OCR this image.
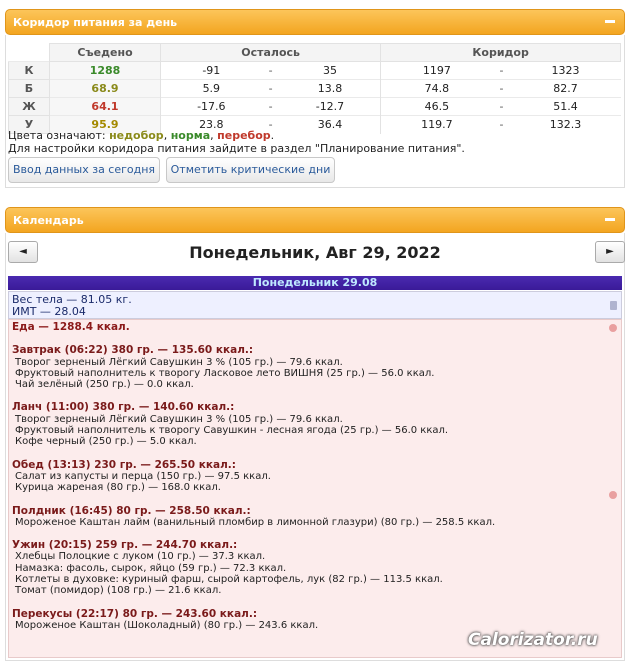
Коридор питания за день
	Съедено	Осталось			Коридор		
К	1288	-91	-	35	1197	-	1323
Б	68.9	5.9	-	13.8	74.8	-	82.7
Ж	64.1	-17.6	-	-12.7	46.5	-	51.4
У	95.9	23.8	-	36.4	119.7	-	132.3
Цвета означают: недобор, норма, перебор.
Для настройки коридора питания зайдите в раздел "Планирование питания".
Ввод данных за сегодня	Отметить критические дни
Календарь
◄	Понедельник, Авг 29, 2022	►
Понедельник 29.08
Вес тела — 81.05 кг.
ИМТ — 28.04
Еда — 1288.4 ккал.
Завтрак (06:22) 380 гр. — 135.60 ккал.:
Творог зерненый Лёгкий Савушкин 3 % (105 гр.) — 79.6 ккал.
Фруктовый наполнитель к творогу Ласковое лето ВИШНЯ (25 гр.) — 56.0 ккал.
Чай зелёный (250 гр.) — 0.0 ккал.
Ланч (11:00) 380 гр. — 140.60 ккал.:
Творог зерненый Лёгкий Савушкин 3 % (105 гр.) — 79.6 ккал.
Фруктовый наполнитель к творогу Савушкин - лесная ягода (25 гр.) — 56.0 ккал.
Кофе черный (250 гр.) — 5.0 ккал.
Обед (13:13) 230 гр. — 265.50 ккал.:
Салат из капусты и перца (150 гр.) — 97.5 ккал.
Курица жареная (80 гр.) — 168.0 ккал.
Полдник (16:45) 80 гр. — 258.50 ккал.:
Мороженое Каштан лайм (ванильный пломбир в лимонной глазури) (80 гр.) — 258.5 ккал.
Ужин (20:15) 259 гр. — 244.70 ккал.:
Хлебцы Полоцкие с луком (10 гр.) — 37.3 ккал.
Намазка: фасоль, сырок, яйцо (59 гр.) — 72.3 ккал.
Котлеты в духовке: куриный фарш, сырой картофель, лук (82 гр.) — 113.5 ккал.
Томат (помидор) (108 гр.) — 21.6 ккал.
Перекусы (22:17) 80 гр. — 243.60 ккал.:
Мороженое Каштан (Шоколадный) (80 гр.) — 243.6 ккал.
Calorizator.ru
